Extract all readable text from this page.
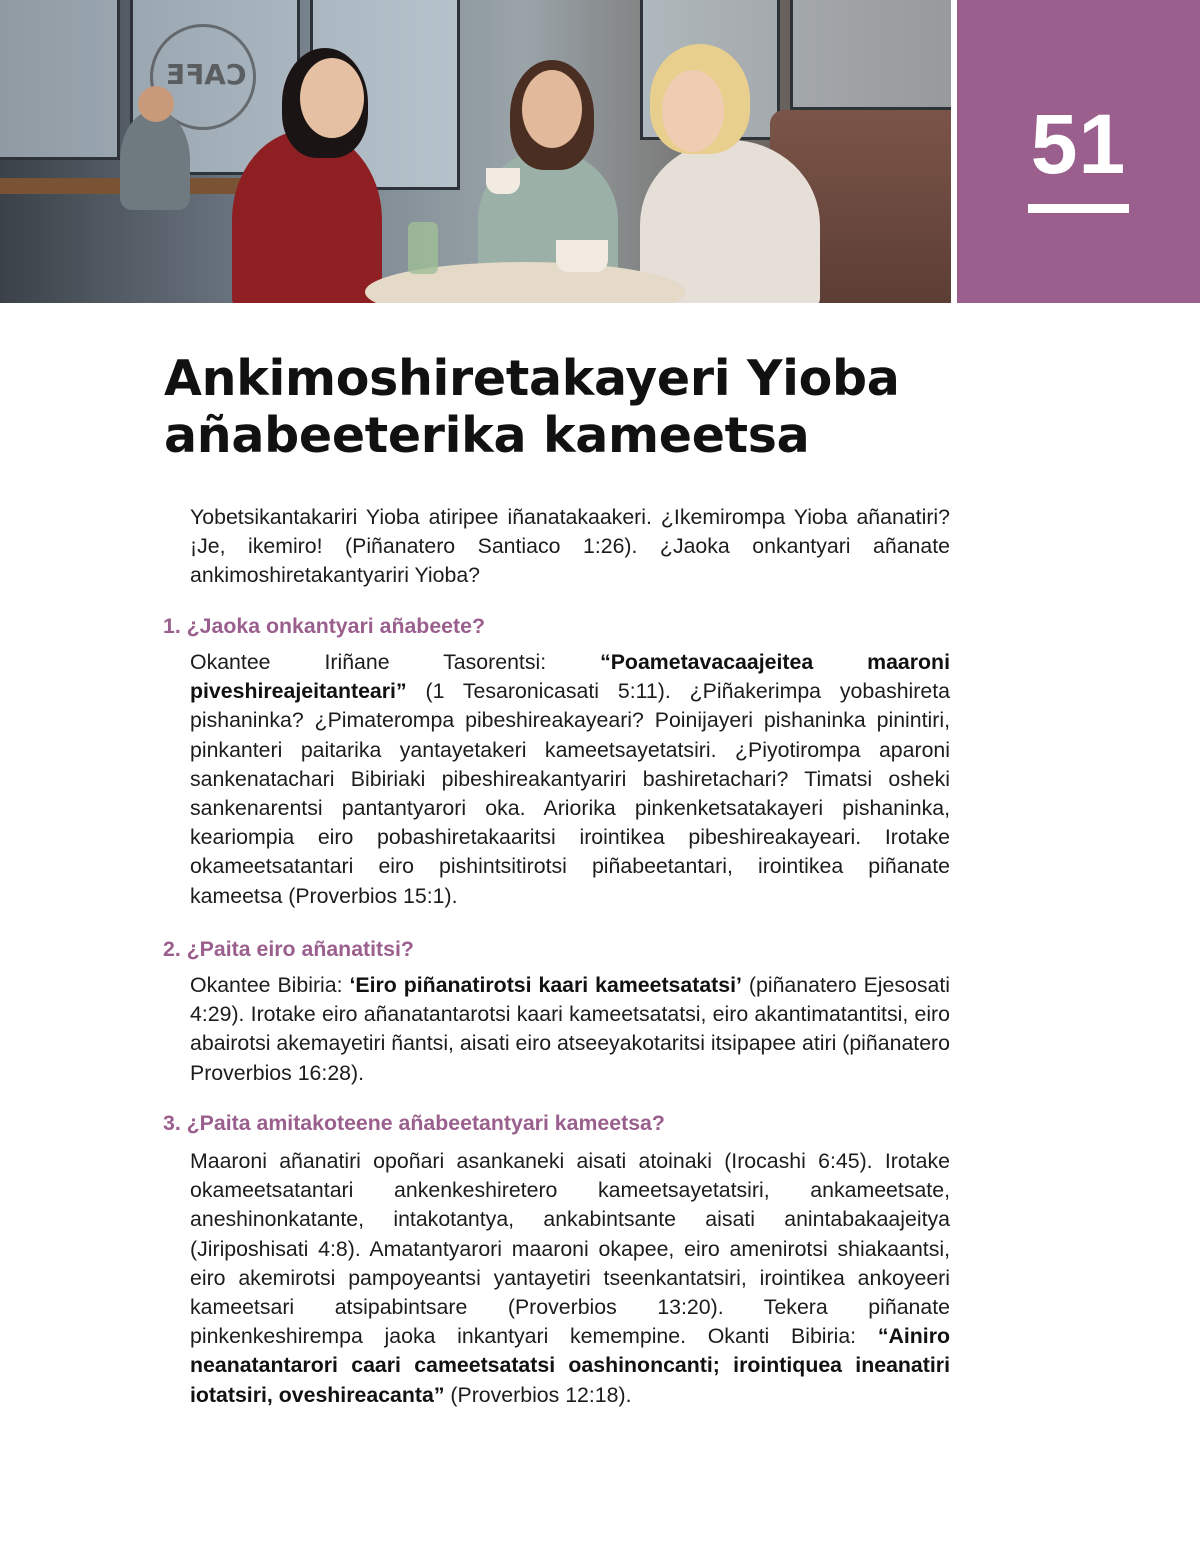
CAFE
51
Ankimoshiretakayeri Yioba
añabeeterika kameetsa

Yobetsikantakariri Yioba atiripee iñanatakaakeri. ¿Ikemirompa Yioba añanatiri? ¡Je, ikemiro! (Piñanatero Santiaco 1:26). ¿Jaoka onkantyari añanate ankimoshiretakantyariri Yioba?

1. ¿Jaoka onkantyari añabeete?

Okantee Iriñane Tasorentsi: “Poametavacaajeitea maaroni piveshireajeitanteari” (1 Tesaronicasati 5:11). ¿Piñakerimpa yobashireta pishaninka? ¿Pimaterompa pibeshireakayeari? Poinijayeri pishaninka pinintiri, pinkanteri paitarika yantayetakeri kameetsayetatsiri. ¿Piyotirompa aparoni sankenatachari Bibiriaki pibeshireakantyariri bashiretachari? Timatsi osheki sankenarentsi pantantyarori oka. Ariorika pinkenketsatakayeri pishaninka, keariompia eiro pobashiretakaaritsi irointikea pibeshireakayeari. Irotake okameetsatantari eiro pishintsitirotsi piñabeetantari, irointikea piñanate kameetsa (Proverbios 15:1).

2. ¿Paita eiro añanatitsi?

Okantee Bibiria: ‘Eiro piñanatirotsi kaari kameetsatatsi’ (piñanatero Ejesosati 4:29). Irotake eiro añanatantarotsi kaari kameetsatatsi, eiro akantimatantitsi, eiro abairotsi akemayetiri ñantsi, aisati eiro atseeyakotaritsi itsipapee atiri (piñanatero Proverbios 16:28).

3. ¿Paita amitakoteene añabeetantyari kameetsa?

Maaroni añanatiri opoñari asankaneki aisati atoinaki (Irocashi 6:45). Irotake okameetsatantari ankenkeshiretero kameetsayetatsiri, ankameetsate, aneshinonkatante, intakotantya, ankabintsante aisati anintabakaajeitya (Jiriposhisati 4:8). Amatantyarori maaroni okapee, eiro amenirotsi shiakaantsi, eiro akemirotsi pampoyeantsi yantayetiri tseenkantatsiri, irointikea ankoyeeri kameetsari atsipabintsare (Proverbios 13:20). Tekera piñanate pinkenkeshirempa jaoka inkantyari kemempine. Okanti Bibiria: “Ainiro neanatantarori caari cameetsatatsi oashinoncanti; irointiquea ineanatiri iotatsiri, oveshireacanta” (Proverbios 12:18).
